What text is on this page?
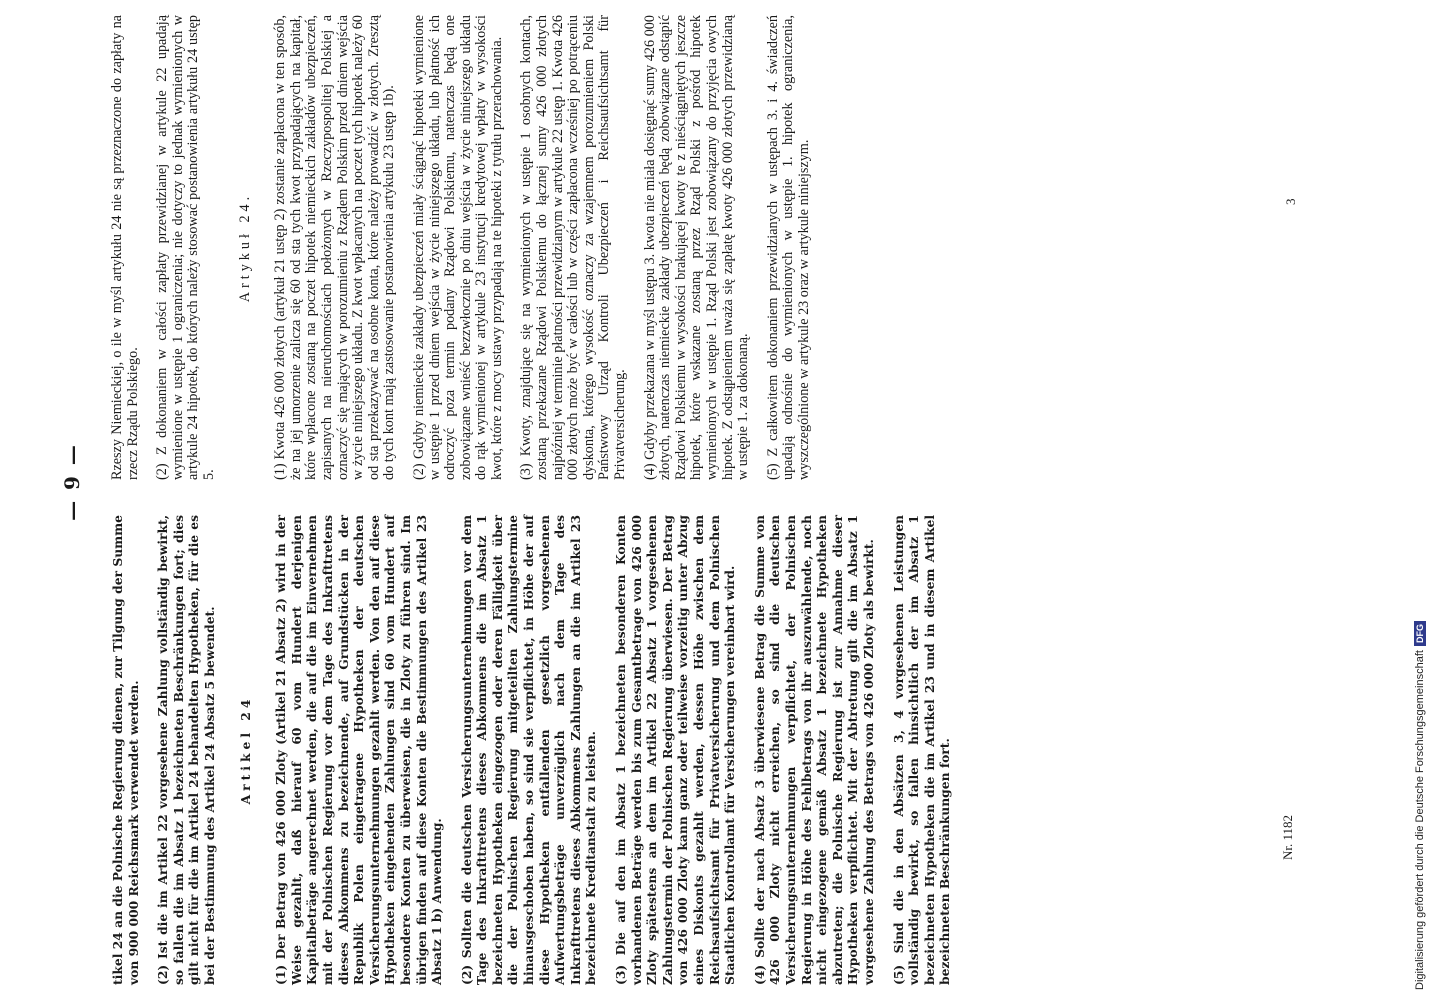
— 9 —

tikel 24 an die Polnische Regierung dienen, zur Tilgung der Summe von 900 000 Reichsmark verwendet werden. (2) Ist die im Artikel 22 vorgesehene Zahlung vollständig bewirkt, so fallen die im Absatz 1 bezeichneten Beschränkungen fort; dies gilt nicht für die im Artikel 24 behandelten Hypotheken, für die es bei der Bestimmung des Artikel 24 Absatz 5 bewendet. Artikel 24 (1) Der Betrag von 426 000 Zloty (Artikel 21 Absatz 2) wird in der Weise gezahlt, daß hierauf 60 vom Hundert derjenigen Kapitalbeträge angerechnet werden, die auf die im Einvernehmen mit der Polnischen Regierung vor dem Tage des Inkrafttretens dieses Abkommens zu bezeichnende, auf Grundstücken in der Republik Polen eingetragene Hypotheken der deutschen Versicherungsunternehmungen gezahlt werden. Von den auf diese Hypotheken eingehenden Zahlungen sind 60 vom Hundert auf besondere Konten zu überweisen, die in Zloty zu führen sind. Im übrigen finden auf diese Konten die Bestimmungen des Artikel 23 Absatz 1 b) Anwendung. (2) Sollten die deutschen Versicherungsunternehmungen vor dem Tage des Inkrafttretens dieses Abkommens die im Absatz 1 bezeichneten Hypotheken eingezogen oder deren Fälligkeit über die der Polnischen Regierung mitgeteilten Zahlungstermine hinausgeschoben haben, so sind sie verpflichtet, in Höhe der auf diese Hypotheken entfallenden gesetzlich vorgesehenen Aufwertungsbeträge unverzüglich nach dem Tage des Inkrafttretens dieses Abkommens Zahlungen an die im Artikel 23 bezeichnete Kreditanstalt zu leisten. (3) Die auf den im Absatz 1 bezeichneten besonderen Konten vorhandenen Beträge werden bis zum Gesamtbetrage von 426 000 Zloty spätestens an dem im Artikel 22 Absatz 1 vorgesehenen Zahlungstermin der Polnischen Regierung überwiesen. Der Betrag von 426 000 Zloty kann ganz oder teilweise vorzeitig unter Abzug eines Diskonts gezahlt werden, dessen Höhe zwischen dem Reichsaufsichtsamt für Privatversicherung und dem Polnischen Staatlichen Kontrollamt für Versicherungen vereinbart wird. (4) Sollte der nach Absatz 3 überwiesene Betrag die Summe von 426 000 Zloty nicht erreichen, so sind die deutschen Versicherungsunternehmungen verpflichtet, der Polnischen Regierung in Höhe des Fehlbetrags von ihr auszuwählende, noch nicht eingezogene gemäß Absatz 1 bezeichnete Hypotheken abzutreten; die Polnische Regierung ist zur Annahme dieser Hypotheken verpflichtet. Mit der Abtretung gilt die im Absatz 1 vorgesehene Zahlung des Betrags von 426 000 Zloty als bewirkt. (5) Sind die in den Absätzen 3, 4 vorgesehenen Leistungen vollständig bewirkt, so fallen hinsichtlich der im Absatz 1 bezeichneten Hypotheken die im Artikel 23 und in diesem Artikel bezeichneten Beschränkungen fort.

Rzeszy Niemieckiej, o ile w myśl artykułu 24 nie są przeznaczone do zapłaty na rzecz Rządu Polskiego. (2) Z dokonaniem w całości zapłaty przewidzianej w artykule 22 upadają wymienione w ustępie 1 ograniczenia; nie dotyczy to jednak wymienionych w artykule 24 hipotek, do których należy stosować postanowienia artykułu 24 ustęp 5.

Artykuł 24. (1) Kwota 426 000 złotych (artykuł 21 ustęp 2) zostanie zapłacona w ten sposób, że na jej umorzenie zalicza się 60 od sta tych kwot przypadających na kapitał, które wpłacone zostaną na poczet hipotek niemieckich zakładów ubezpieczeń, zapisanych na nieruchomościach położonych w Rzeczypospolitej Polskiej a oznaczyć się mających w porozumieniu z Rządem Polskim przed dniem wejścia w życie niniejszego układu. Z kwot wpłacanych na poczet tych hipotek należy 60 od sta przekazywać na osobne konta, które należy prowadzić w złotych. Zresztą do tych kont mają zastosowanie postanowienia artykułu 23 ustęp 1b). (2) Gdyby niemieckie zakłady ubezpieczeń miały ściągnąć hipoteki wymienione w ustępie 1 przed dniem wejścia w życie niniejszego układu, lub płatność ich odroczyć poza termin podany Rządowi Polskiemu, natenczas będą one zobowiązane wnieść bezzwłocznie po dniu wejścia w życie niniejszego układu do rąk wymienionej w artykule 23 instytucji kredytowej wpłaty w wysokości kwot, które z mocy ustawy przypadają na te hipoteki z tytułu przerachowania. (3) Kwoty, znajdujące się na wymienionych w ustępie 1 osobnych kontach, zostaną przekazane Rządowi Polskiemu do łącznej sumy 426 000 złotych najpóźniej w terminie płatności przewidzianym w artykule 22 ustęp 1. Kwota 426 000 złotych może być w całości lub w części zapłacona wcześniej po potrąceniu dyskonta, którego wysokość oznaczy za wzajemnem porozumieniem Polski Państwowy Urząd Kontroli Ubezpieczeń i Reichsaufsichtsamt für Privatversicherung. (4) Gdyby przekazana w myśl ustępu 3. kwota nie miała dosięgnąć sumy 426 000 złotych, natenczas niemieckie zakłady ubezpieczeń będą zobowiązane odstąpić Rządowi Polskiemu w wysokości brakującej kwoty te z nieściągniętych jeszcze hipotek, które wskazane zostaną przez Rząd Polski z pośród hipotek wymienionych w ustępie 1. Rząd Polski jest zobowiązany do przyjęcia owych hipotek. Z odstąpieniem uważa się zapłatę kwoty 426 000 złotych przewidzianą w ustępie 1. za dokonaną. (5) Z całkowitem dokonaniem przewidzianych w ustępach 3. i 4. świadczeń upadają odnośnie do wymienionych w ustępie 1. hipotek ograniczenia, wyszczególnione w artykule 23 oraz w artykule niniejszym.

Nr. 1182
3
Digitalisierung gefördert durch die Deutsche Forschungsgemeinschaft
DFG
